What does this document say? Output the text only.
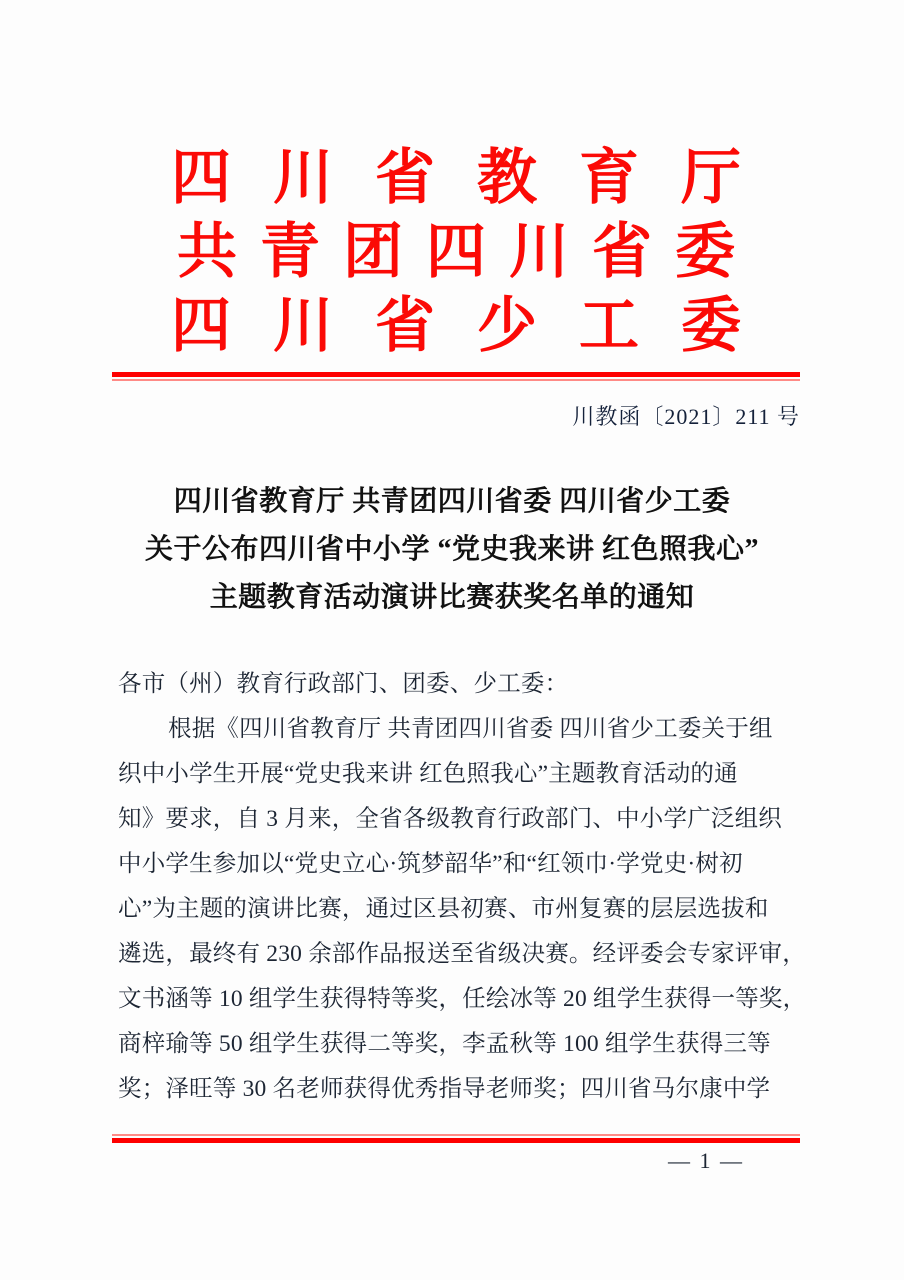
四川省教育厅
共青团四川省委
四川省少工委
川教函〔2021〕211 号
四川省教育厅 共青团四川省委 四川省少工委
关于公布四川省中小学 “党史我来讲 红色照我心”
主题教育活动演讲比赛获奖名单的通知
各市（州）教育行政部门、团委、少工委：
根据《四川省教育厅 共青团四川省委 四川省少工委关于组
织中小学生开展“党史我来讲 红色照我心”主题教育活动的通
知》要求，自 3 月来，全省各级教育行政部门、中小学广泛组织
中小学生参加以“党史立心·筑梦韶华”和“红领巾·学党史·树初
心”为主题的演讲比赛，通过区县初赛、市州复赛的层层选拔和
遴选，最终有 230 余部作品报送至省级决赛。经评委会专家评审，
文书涵等 10 组学生获得特等奖，任绘冰等 20 组学生获得一等奖，
商梓瑜等 50 组学生获得二等奖，李孟秋等 100 组学生获得三等
奖；泽旺等 30 名老师获得优秀指导老师奖；四川省马尔康中学
— 1 —
